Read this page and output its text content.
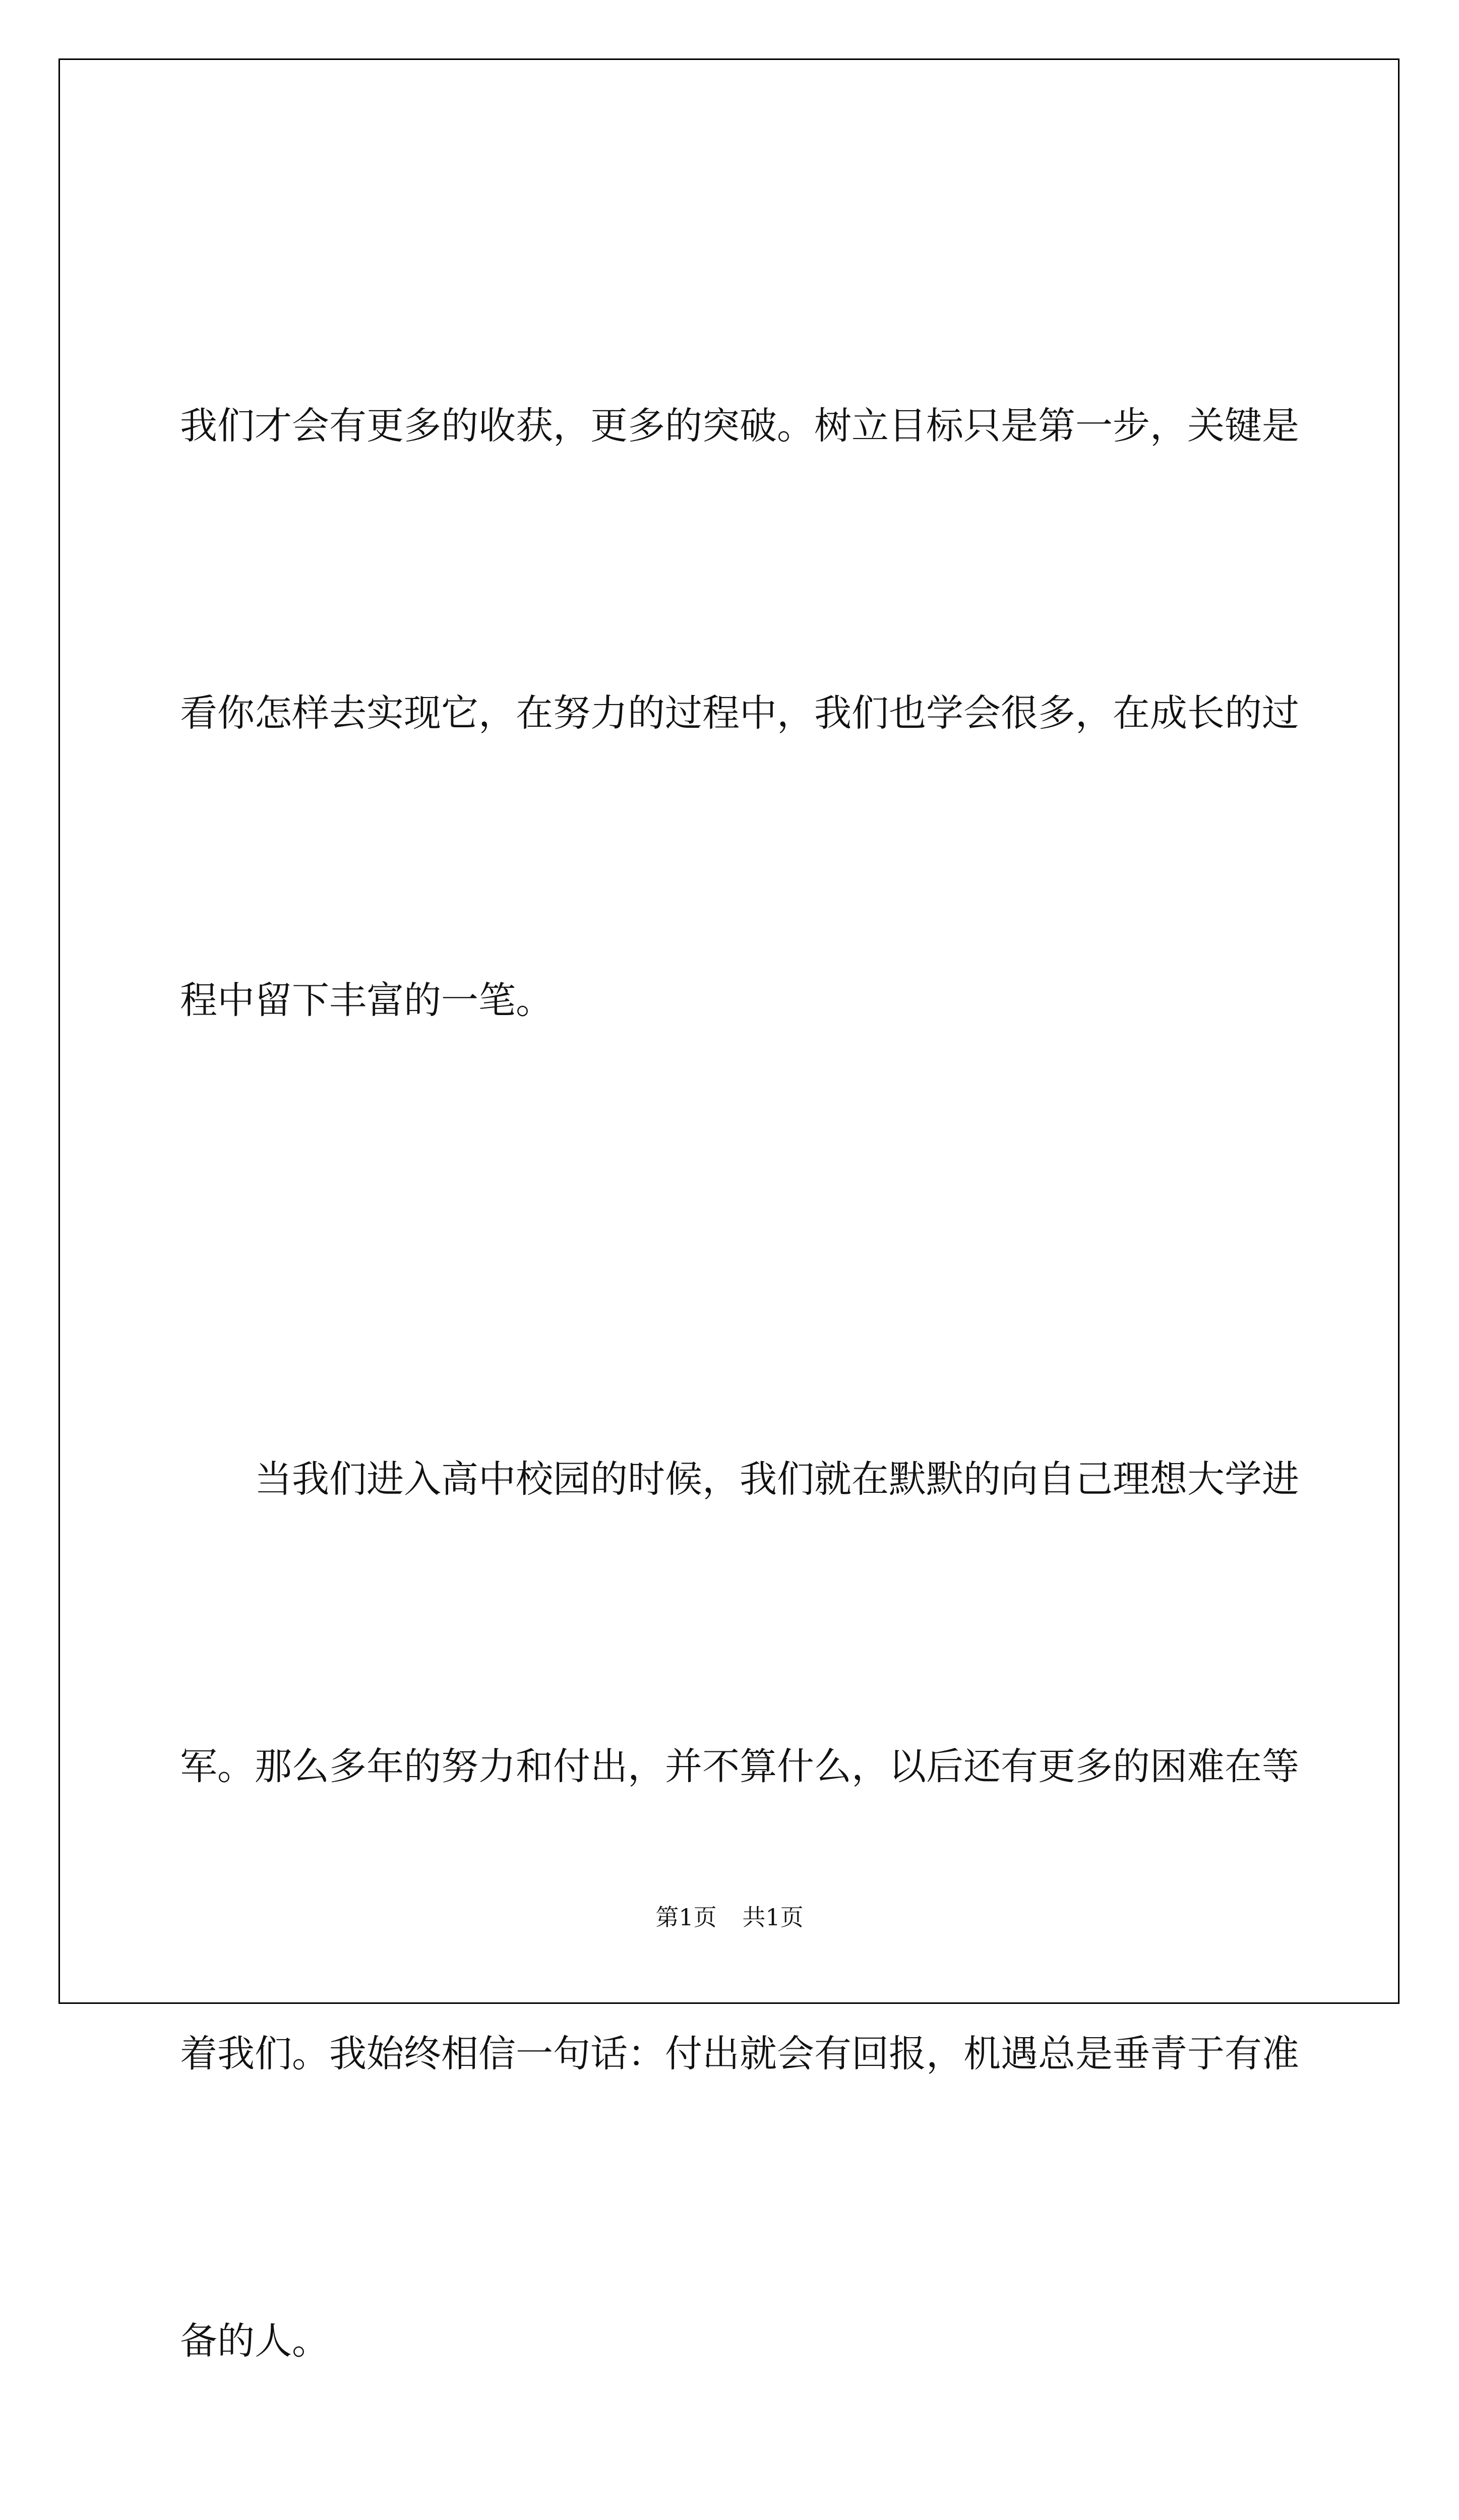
我们才会有更多的收获，更多的突破。树立目标只是第一步，关键是

看你怎样去实现它，在努力的过程中，我们也学会很多，在成长的过

程中留下丰富的一笔。

　　当我们进入高中校园的时候，我们就在默默的向自己理想大学进

军。那么多年的努力和付出，并不算什么，以后还有更多的困难在等

着我们。我始终相信一句话：付出就会有回报，机遇总是垂青于有准

备的人。

第1页 共1页
